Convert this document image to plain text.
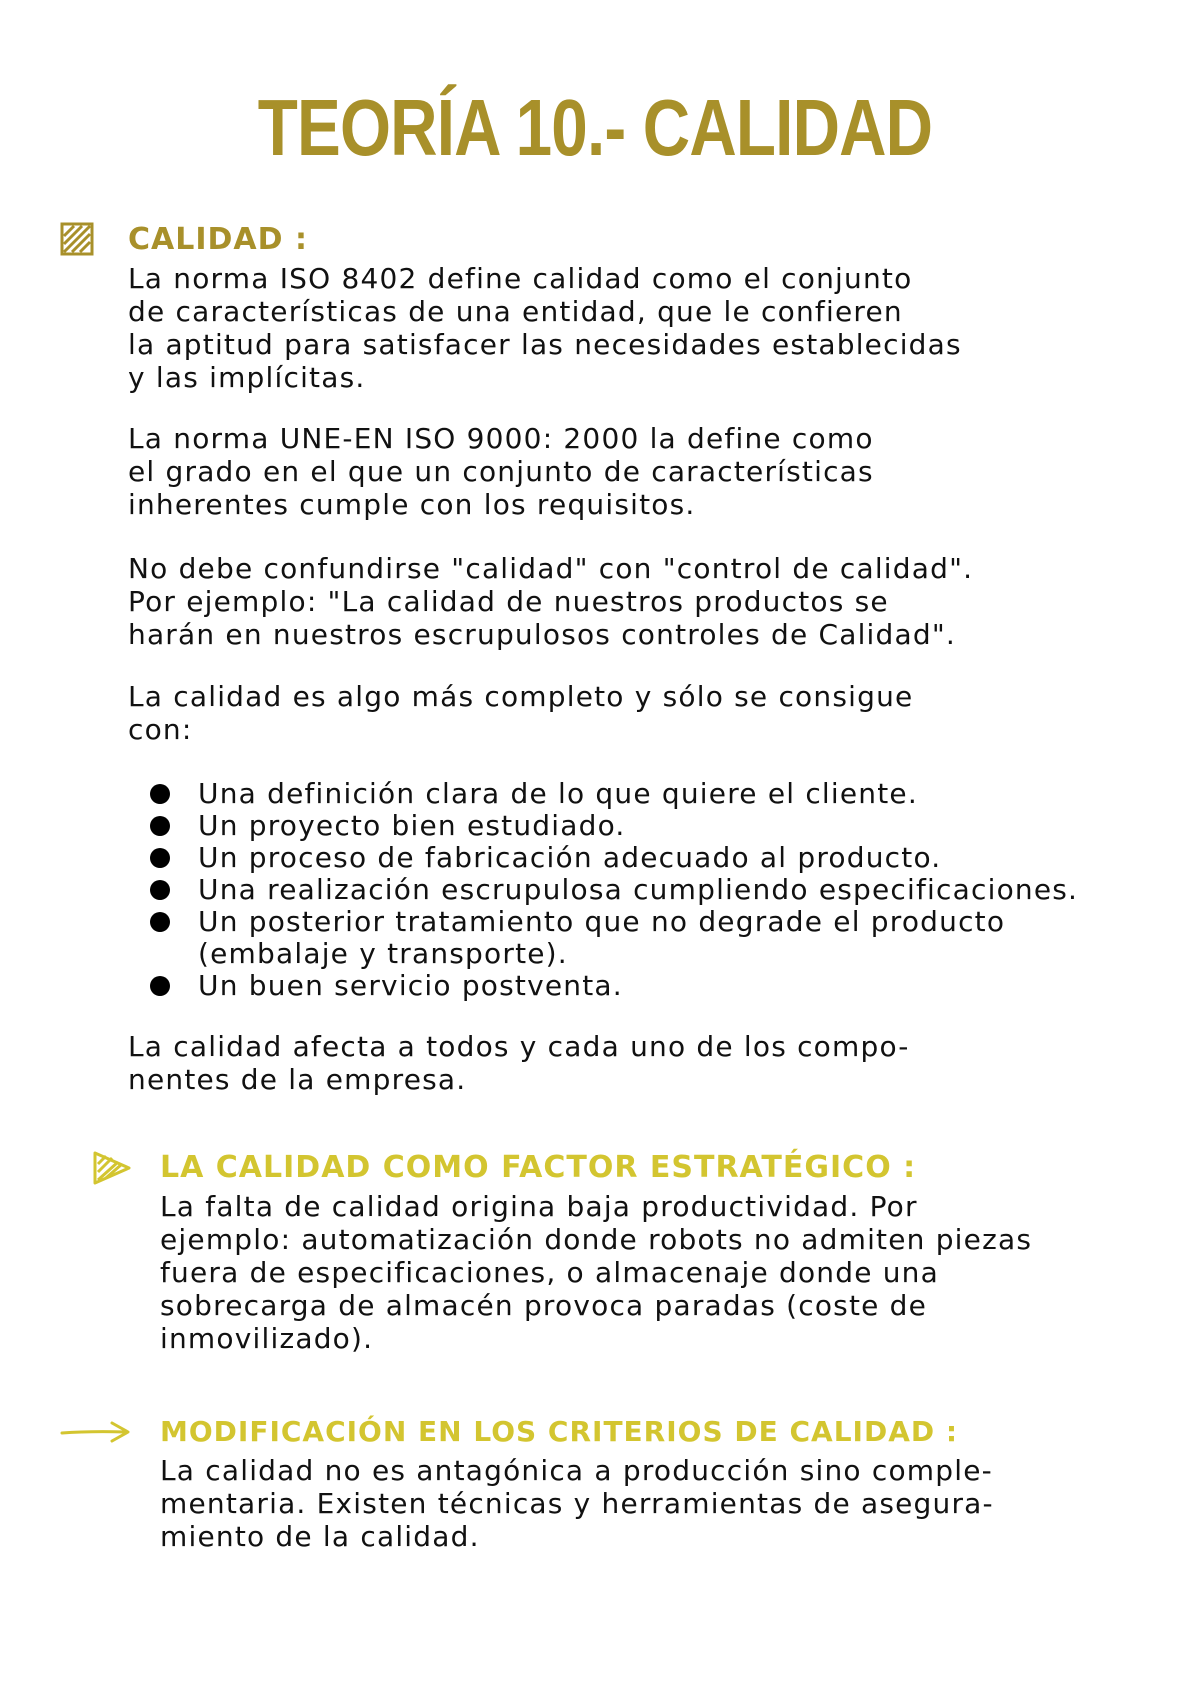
TEORÍA 10.- CALIDAD
CALIDAD :
La norma ISO 8402 define calidad como el conjunto
de características de una entidad, que le confieren
la aptitud para satisfacer las necesidades establecidas
y las implícitas.
La norma UNE-EN ISO 9000: 2000 la define como
el grado en el que un conjunto de características
inherentes cumple con los requisitos.
No debe confundirse "calidad" con "control de calidad".
Por ejemplo: "La calidad de nuestros productos se
harán en nuestros escrupulosos controles de Calidad".
La calidad es algo más completo y sólo se consigue
con:
Una definición clara de lo que quiere el cliente.
Un proyecto bien estudiado.
Un proceso de fabricación adecuado al producto.
Una realización escrupulosa cumpliendo especificaciones.
Un posterior tratamiento que no degrade el producto
(embalaje y transporte).
Un buen servicio postventa.
La calidad afecta a todos y cada uno de los compo-
nentes de la empresa.
LA CALIDAD COMO FACTOR ESTRATÉGICO :
La falta de calidad origina baja productividad. Por
ejemplo: automatización donde robots no admiten piezas
fuera de especificaciones, o almacenaje donde una
sobrecarga de almacén provoca paradas (coste de
inmovilizado).
MODIFICACIÓN EN LOS CRITERIOS DE CALIDAD :
La calidad no es antagónica a producción sino comple-
mentaria. Existen técnicas y herramientas de asegura-
miento de la calidad.
